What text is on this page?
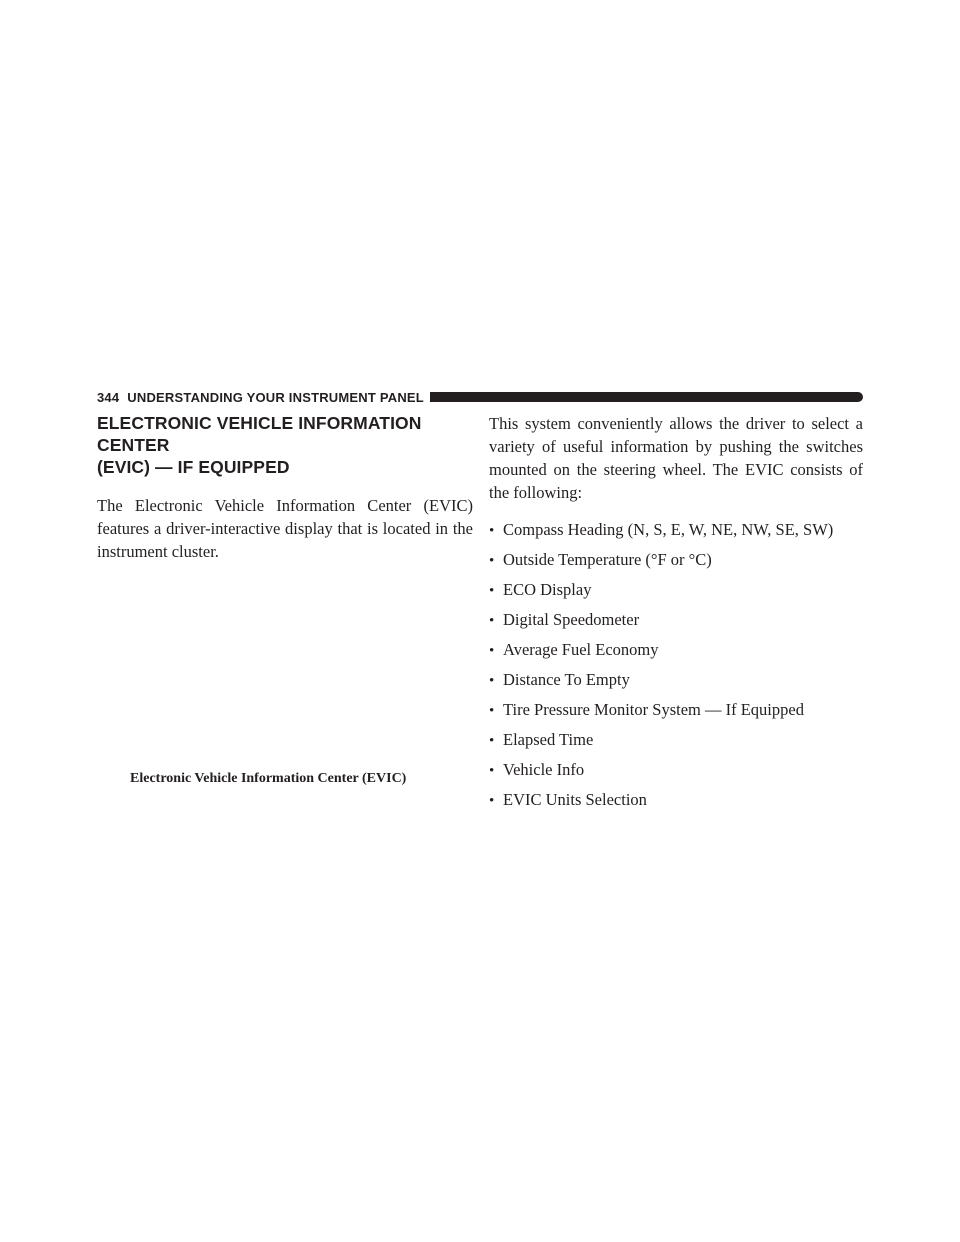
344 UNDERSTANDING YOUR INSTRUMENT PANEL
ELECTRONIC VEHICLE INFORMATION CENTER
(EVIC) — IF EQUIPPED

The Electronic Vehicle Information Center (EVIC) features a driver-interactive display that is located in the instrument cluster.

Electronic Vehicle Information Center (EVIC)

This system conveniently allows the driver to select a variety of useful information by pushing the switches mounted on the steering wheel. The EVIC consists of the following:

• Compass Heading (N, S, E, W, NE, NW, SE, SW)
• Outside Temperature (°F or °C)
• ECO Display
• Digital Speedometer
• Average Fuel Economy
• Distance To Empty
• Tire Pressure Monitor System — If Equipped
• Elapsed Time
• Vehicle Info
• EVIC Units Selection
